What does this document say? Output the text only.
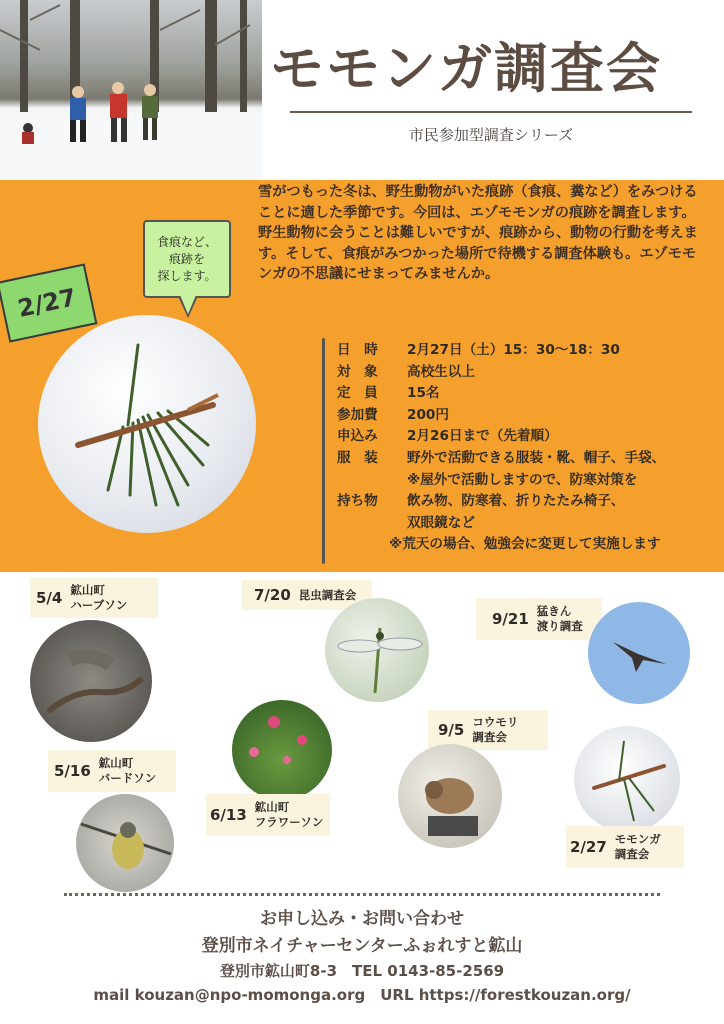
モモンガ調査会
市民参加型調査シリーズ
雪がつもった冬は、野生動物がいた痕跡（食痕、糞など）をみつけることに適した季節です。今回は、エゾモモンガの痕跡を調査します。野生動物に会うことは難しいですが、痕跡から、動物の行動を考えます。そして、食痕がみつかった場所で待機する調査体験も。エゾモモンガの不思議にせまってみませんか。
2/27
食痕など、
痕跡を
探します。
日　時	2月27日（土）15：30〜18：30
対　象	高校生以上
定　員	15名
参加費	200円
申込み	2月26日まで（先着順）
服　装	野外で活動できる服装・靴、帽子、手袋、
※屋外で活動しますので、防寒対策を
持ち物	飲み物、防寒着、折りたたみ椅子、
双眼鏡など
※荒天の場合、勉強会に変更して実施します
5/4 鉱山町
ハーブソン
7/20 昆虫調査会
9/21 猛きん
渡り調査
5/16 鉱山町
バードソン
6/13 鉱山町
フラワーソン
9/5 コウモリ
調査会
2/27 モモンガ
調査会
お申し込み・お問い合わせ
登別市ネイチャーセンターふぉれすと鉱山
登別市鉱山町8-3　TEL 0143-85-2569
mail kouzan@npo-momonga.org　URL https://forestkouzan.org/
